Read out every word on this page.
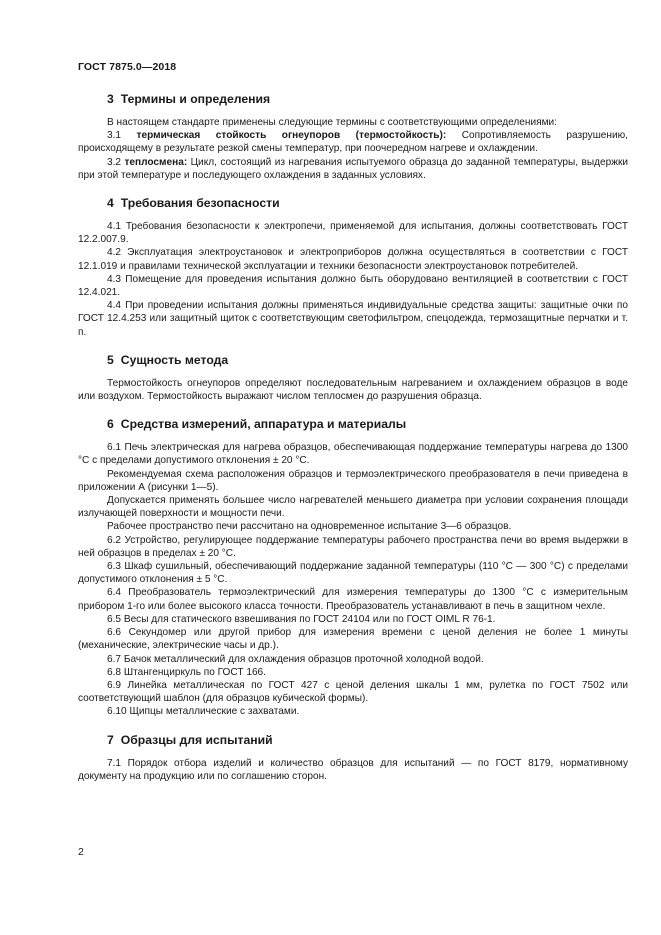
ГОСТ 7875.0—2018
3 Термины и определения

В настоящем стандарте применены следующие термины с соответствующими определениями:

3.1 термическая стойкость огнеупоров (термостойкость): Сопротивляемость разрушению, происходящему в результате резкой смены температур, при поочередном нагреве и охлаждении.

3.2 теплосмена: Цикл, состоящий из нагревания испытуемого образца до заданной температуры, выдержки при этой температуре и последующего охлаждения в заданных условиях.

4 Требования безопасности

4.1 Требования безопасности к электропечи, применяемой для испытания, должны соответствовать ГОСТ 12.2.007.9.

4.2 Эксплуатация электроустановок и электроприборов должна осуществляться в соответствии с ГОСТ 12.1.019 и правилами технической эксплуатации и техники безопасности электроустановок потребителей.

4.3 Помещение для проведения испытания должно быть оборудовано вентиляцией в соответствии с ГОСТ 12.4.021.

4.4 При проведении испытания должны применяться индивидуальные средства защиты: защитные очки по ГОСТ 12.4.253 или защитный щиток с соответствующим светофильтром, спецодежда, термозащитные перчатки и т. п.

5 Сущность метода

Термостойкость огнеупоров определяют последовательным нагреванием и охлаждением образцов в воде или воздухом. Термостойкость выражают числом теплосмен до разрушения образца.

6 Средства измерений, аппаратура и материалы

6.1 Печь электрическая для нагрева образцов, обеспечивающая поддержание температуры нагрева до 1300 °С с пределами допустимого отклонения ± 20 °С.

Рекомендуемая схема расположения образцов и термоэлектрического преобразователя в печи приведена в приложении А (рисунки 1—5).

Допускается применять большее число нагревателей меньшего диаметра при условии сохранения площади излучающей поверхности и мощности печи.

Рабочее пространство печи рассчитано на одновременное испытание 3—6 образцов.

6.2 Устройство, регулирующее поддержание температуры рабочего пространства печи во время выдержки в ней образцов в пределах ± 20 °С.

6.3 Шкаф сушильный, обеспечивающий поддержание заданной температуры (110 °С — 300 °С) с пределами допустимого отклонения ± 5 °С.

6.4 Преобразователь термоэлектрический для измерения температуры до 1300 °С с измерительным прибором 1-го или более высокого класса точности. Преобразователь устанавливают в печь в защитном чехле.

6.5 Весы для статического взвешивания по ГОСТ 24104 или по ГОСТ OIML R 76-1.

6.6 Секундомер или другой прибор для измерения времени с ценой деления не более 1 минуты (механические, электрические часы и др.).

6.7 Бачок металлический для охлаждения образцов проточной холодной водой.

6.8 Штангенциркуль по ГОСТ 166.

6.9 Линейка металлическая по ГОСТ 427 с ценой деления шкалы 1 мм, рулетка по ГОСТ 7502 или соответствующий шаблон (для образцов кубической формы).

6.10 Щипцы металлические с захватами.

7 Образцы для испытаний

7.1 Порядок отбора изделий и количество образцов для испытаний — по ГОСТ 8179, нормативному документу на продукцию или по соглашению сторон.

2
